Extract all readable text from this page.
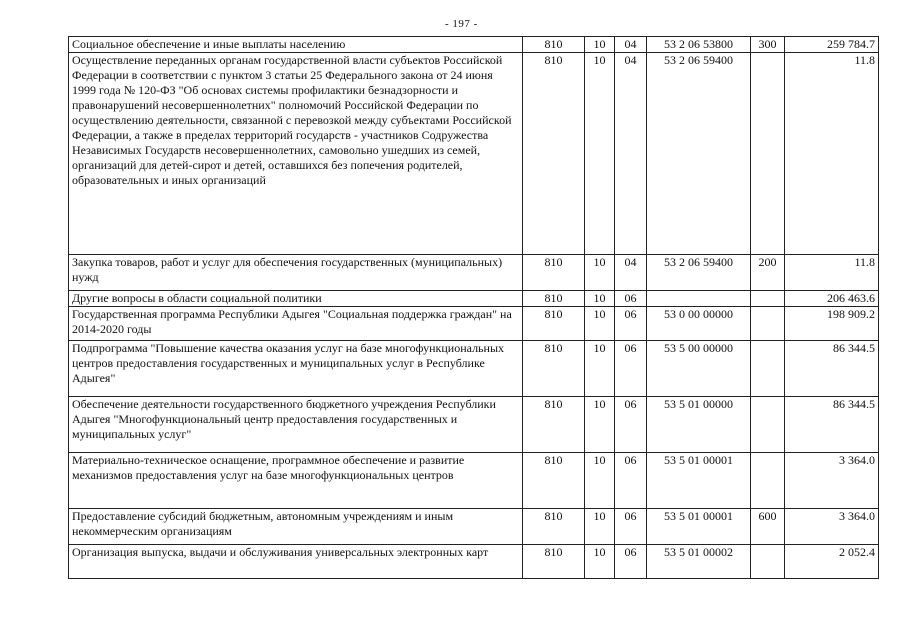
- 197 -
Социальное обеспечение и иные выплаты населению	810	10	04	53 2 06 53800	300	259 784.7
Осуществление переданных органам государственной власти субъектов Российской Федерации в соответствии с пунктом 3 статьи 25 Федерального закона от 24 июня 1999 года № 120-ФЗ "Об основах системы профилактики безнадзорности и правонарушений несовершеннолетних" полномочий Российской Федерации по осуществлению деятельности, связанной с перевозкой между субъектами Российской Федерации, а также в пределах территорий государств - участников Содружества Независимых Государств несовершеннолетних, самовольно ушедших из семей, организаций для детей-сирот и детей, оставшихся без попечения родителей, образовательных и иных организаций	810	10	04	53 2 06 59400		11.8
Закупка товаров, работ и услуг для обеспечения государственных (муниципальных) нужд	810	10	04	53 2 06 59400	200	11.8
Другие вопросы в области социальной политики	810	10	06			206 463.6
Государственная программа Республики Адыгея "Социальная поддержка граждан" на 2014-2020 годы	810	10	06	53 0 00 00000		198 909.2
Подпрограмма "Повышение качества оказания услуг на базе многофункциональных центров предоставления государственных и муниципальных услуг в Республике Адыгея"	810	10	06	53 5 00 00000		86 344.5
Обеспечение деятельности государственного бюджетного учреждения Республики Адыгея "Многофункциональный центр предоставления государственных и муниципальных услуг"	810	10	06	53 5 01 00000		86 344.5
Материально-техническое оснащение, программное обеспечение и развитие механизмов предоставления услуг на базе многофункциональных центров	810	10	06	53 5 01 00001		3 364.0
Предоставление субсидий бюджетным, автономным учреждениям и иным некоммерческим организациям	810	10	06	53 5 01 00001	600	3 364.0
Организация выпуска, выдачи и обслуживания универсальных электронных карт	810	10	06	53 5 01 00002		2 052.4
